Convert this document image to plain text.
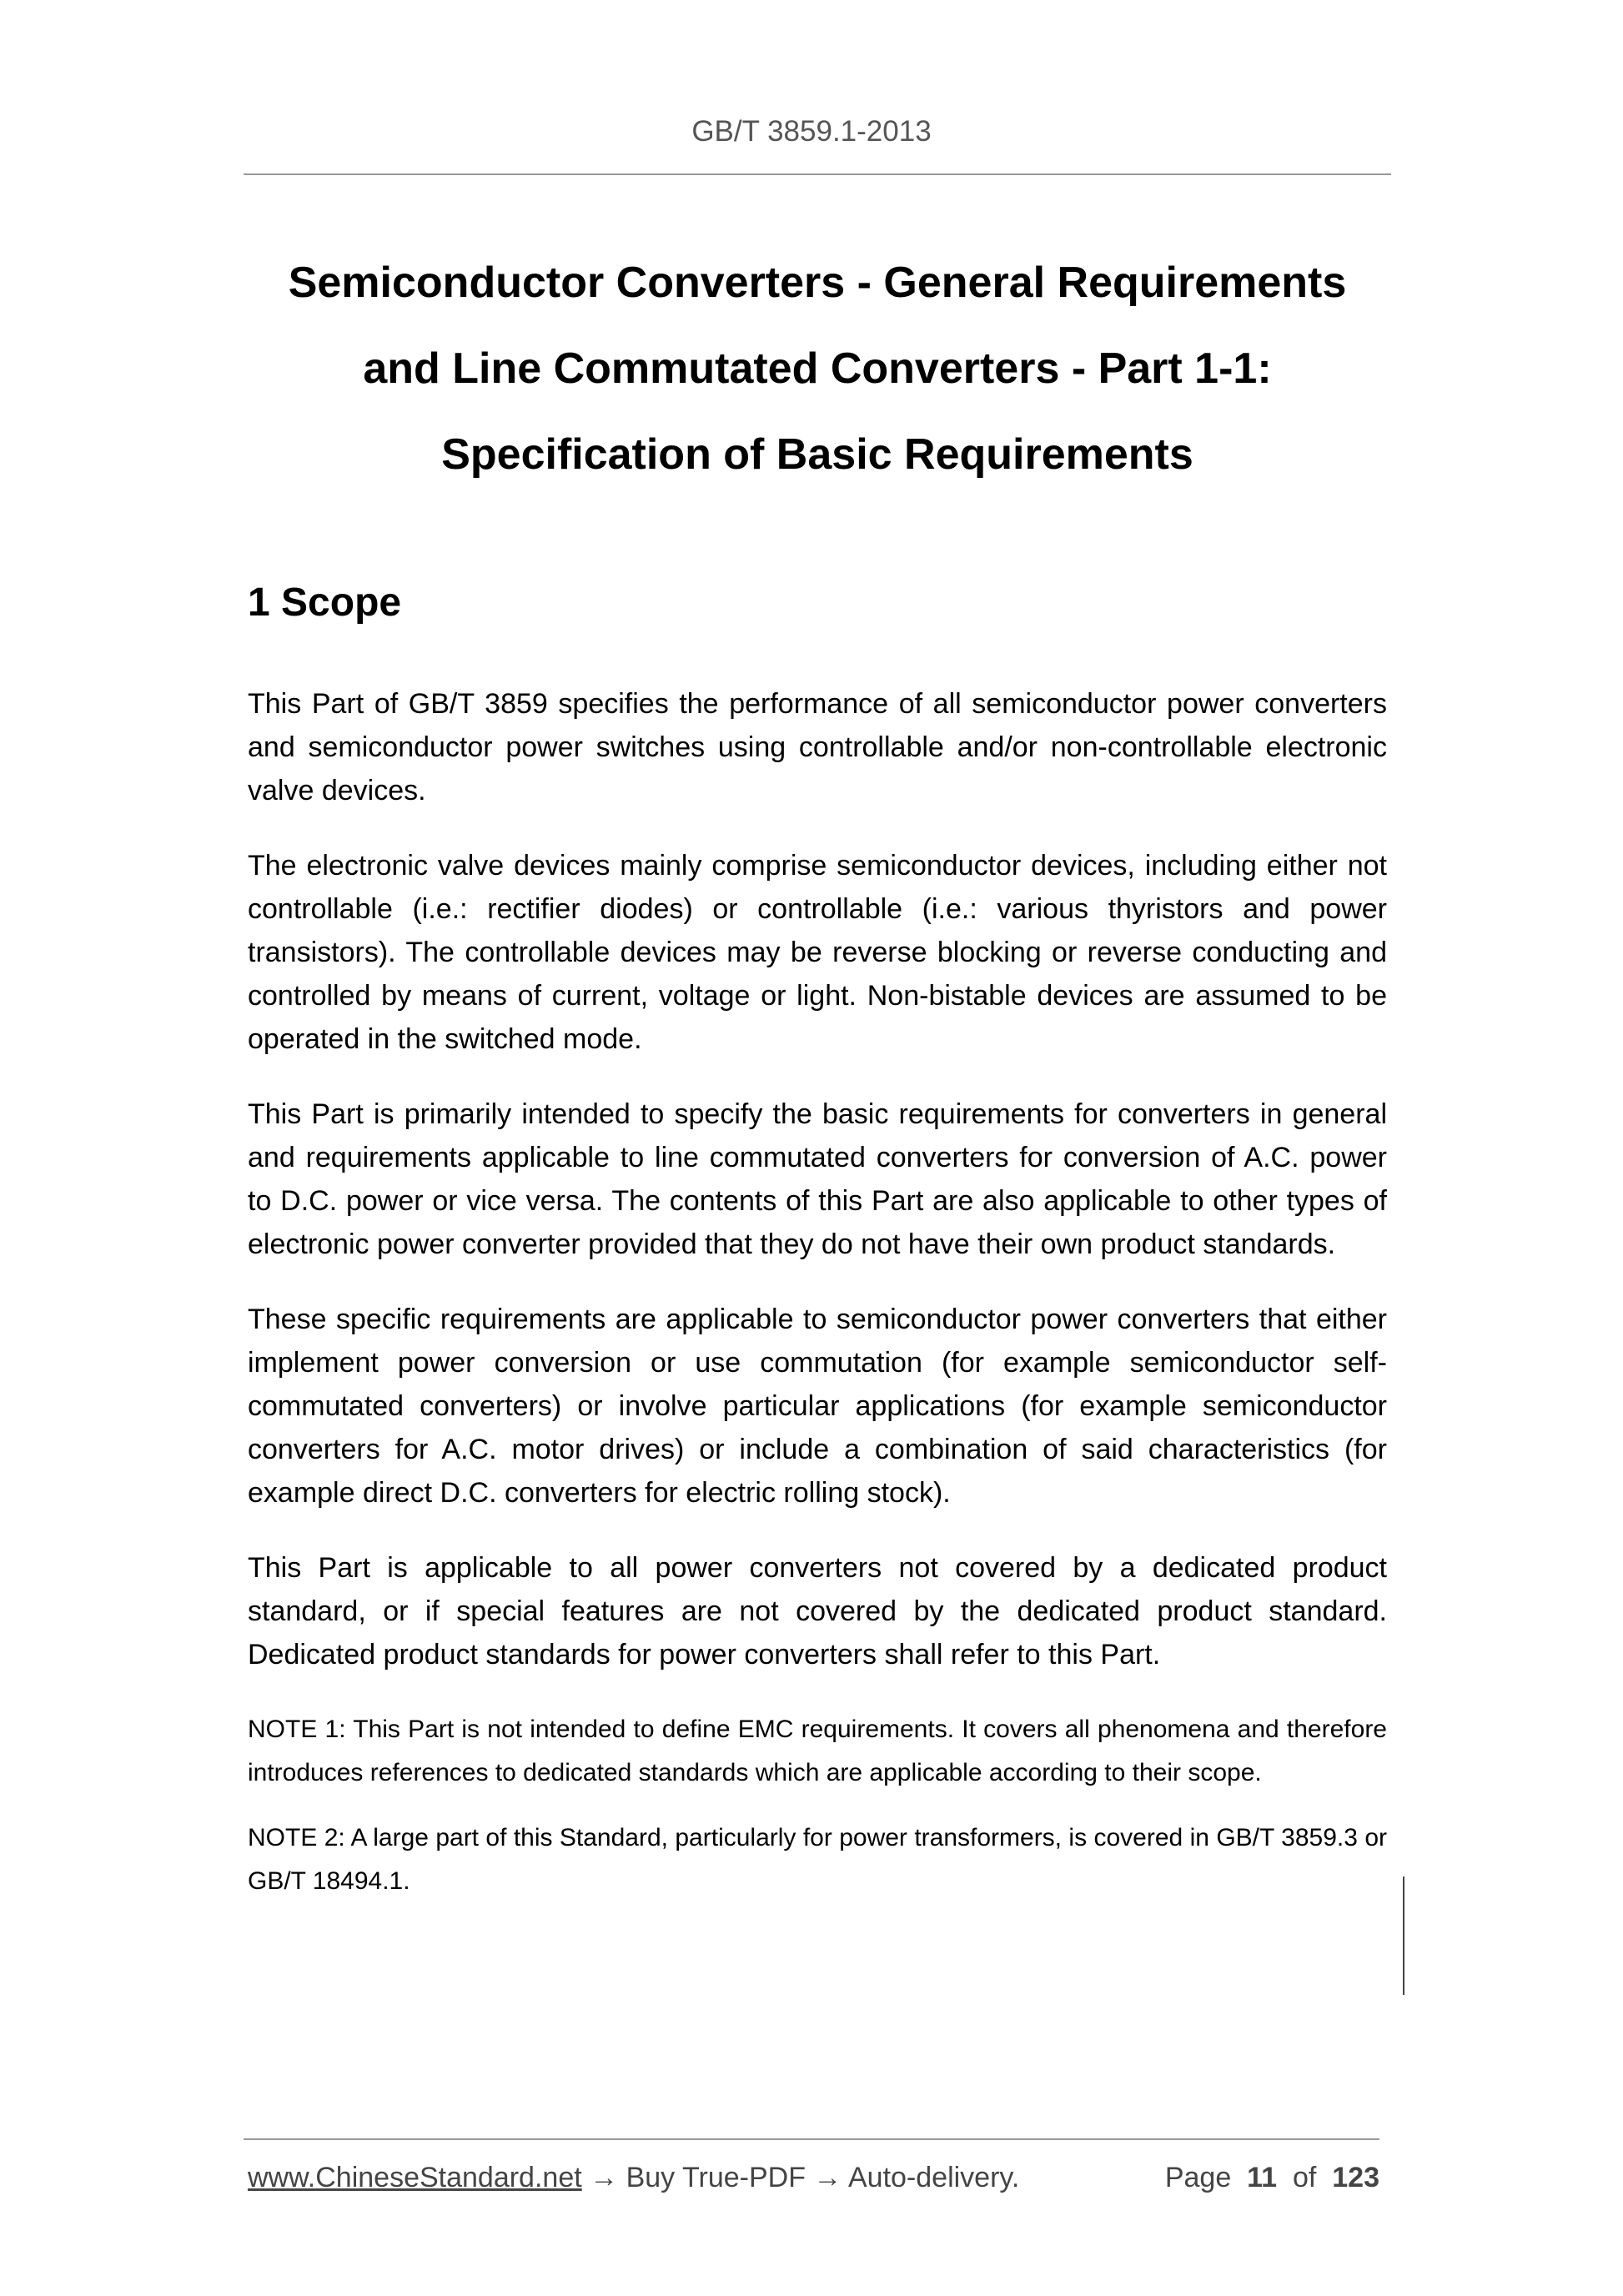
GB/T 3859.1-2013
Semiconductor Converters - General Requirements
and Line Commutated Converters - Part 1-1:
Specification of Basic Requirements
1 Scope

This Part of GB/T 3859 specifies the performance of all semiconductor power converters and semiconductor power switches using controllable and/or non-controllable electronic valve devices.

The electronic valve devices mainly comprise semiconductor devices, including either not controllable (i.e.: rectifier diodes) or controllable (i.e.: various thyristors and power transistors). The controllable devices may be reverse blocking or reverse conducting and controlled by means of current, voltage or light. Non-bistable devices are assumed to be operated in the switched mode.

This Part is primarily intended to specify the basic requirements for converters in general and requirements applicable to line commutated converters for conversion of A.C. power to D.C. power or vice versa. The contents of this Part are also applicable to other types of electronic power converter provided that they do not have their own product standards.

These specific requirements are applicable to semiconductor power converters that either implement power conversion or use commutation (for example semiconductor self-commutated converters) or involve particular applications (for example semiconductor converters for A.C. motor drives) or include a combination of said characteristics (for example direct D.C. converters for electric rolling stock).

This Part is applicable to all power converters not covered by a dedicated product standard, or if special features are not covered by the dedicated product standard. Dedicated product standards for power converters shall refer to this Part.

NOTE 1: This Part is not intended to define EMC requirements. It covers all phenomena and therefore introduces references to dedicated standards which are applicable according to their scope.

NOTE 2: A large part of this Standard, particularly for power transformers, is covered in GB/T 3859.3 or GB/T 18494.1.

www.ChineseStandard.net → Buy True-PDF → Auto-delivery.	Page 11 of 123
